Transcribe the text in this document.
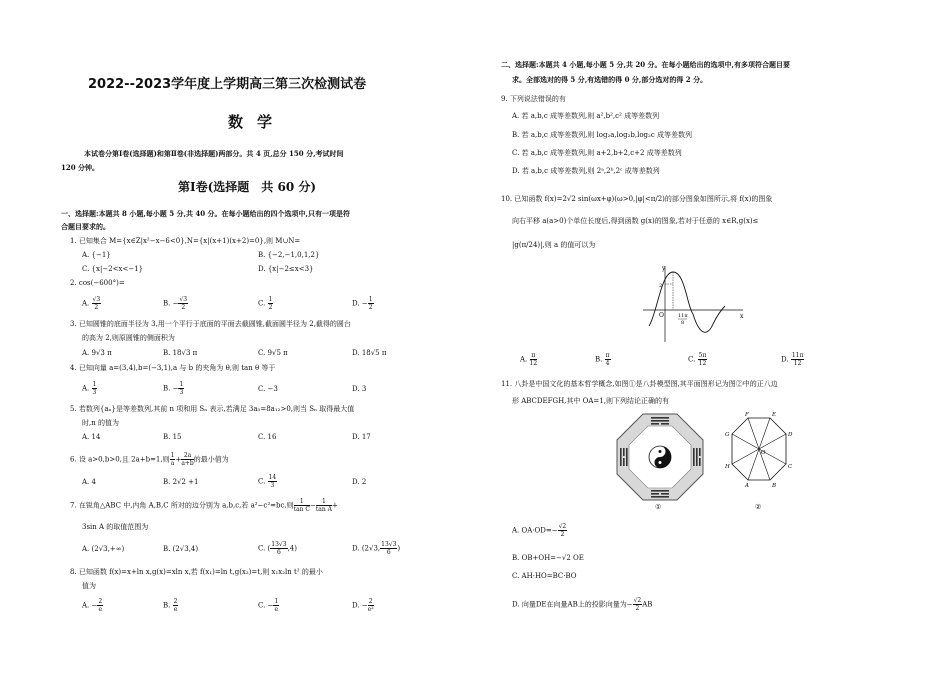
2022--2023学年度上学期高三第三次检测试卷
数学
本试卷分第Ⅰ卷(选择题)和第Ⅱ卷(非选择题)两部分。共 4 页,总分 150 分,考试时间
120 分钟。
第Ⅰ卷(选择题　共 60 分)
一、选择题:本题共 8 小题,每小题 5 分,共 40 分。在每小题给出的四个选项中,只有一项是符
合题目要求的。
1. 已知集合 M={x∈Z|x²−x−6<0},N={x|(x+1)(x+2)=0},则 M∪N=
A. {−1}	B. {−2,−1,0,1,2}
C. {x|−2<x<−1}	D. {x|−2≤x<3}
2. cos(−600°)=
A. $\frac{√3}{2}$	B. − $\frac{√3}{2}$	C. $\frac{1}{2}$	D. − $\frac{1}{2}$
3. 已知圆锥的底面半径为 3,用一个平行于底面的平面去截圆锥,截面圆半径为 2,截得的圆台
的高为 2,则原圆锥的侧面积为
A. 9√3 π	B. 18√3 π	C. 9√5 π	D. 18√5 π
4. 已知向量 a=(3,4),b=(−3,1),a 与 b 的夹角为 θ,则 tan θ 等于
A. $\frac{1}{3}$	B. − $\frac{1}{3}$	C. −3	D. 3
5. 若数列{aₙ}是等差数列,其前 n 项和用 Sₙ 表示,若满足 3a₅=8a₁₂>0,则当 Sₙ 取得最大值
时,n 的值为
A. 14	B. 15	C. 16	D. 17
6. 设 a>0,b>0,且 2a+b=1,则 $\frac{1}{a} + \frac{2a}{a+b}$ 的最小值为
A. 4	B. 2√2 +1	C. $\frac{14}{3}$	D. 2
7. 在锐角△ABC 中,内角 A,B,C 所对的边分别为 a,b,c,若 a²−c²=bc,则 $\frac{1}{\text{tan C}} - \frac{1}{\text{tan A}}$ +
3sin A 的取值范围为
A. (2√3,+∞)	B. (2√3,4)	C. ( $\frac{13√3}{6} ,4$)	D. (2√3, $\frac{13√3}{6}$ )
8. 已知函数 f(x)=x+ln x,g(x)=xln x,若 f(x₁)=ln t,g(x₂)=t,则 x₁x₂ln t² 的最小
值为
A. − $\frac{2}{e}$	B. $\frac{2}{e}$	C. − $\frac{1}{e}$	D. − $\frac{2}{\text{e²}}$
二、选择题:本题共 4 小题,每小题 5 分,共 20 分。在每小题给出的选项中,有多项符合题目要
求。全部选对的得 5 分,有选错的得 0 分,部分选对的得 2 分。
9. 下列说法错误的有
A. 若 a,b,c 成等差数列,则 a²,b²,c² 成等差数列
B. 若 a,b,c 成等差数列,则 log₂a,log₂b,log₂c 成等差数列
C. 若 a,b,c 成等差数列,则 a+2,b+2,c+2 成等差数列
D. 若 a,b,c 成等差数列,则 2ᵃ,2ᵇ,2ᶜ 成等差数列
10. 已知函数 f(x)=2√2 sin(ωx+φ)(ω>0,|φ|<π/2)的部分图象如图所示,将 f(x)的图象
向右平移 a(a>0)个单位长度后,得到函数 g(x)的图象,若对于任意的 x∈R,g(x)≤
|g(π/24)|,则 a 的值可以为
y
x
O
2
11π
8
A. $\frac{\pi}{12}$	B. $\frac{\pi}{4}$	C. $\frac{5\pi}{12}$	D. $\frac{11\pi}{12}$
11. 八卦是中国文化的基本哲学概念,如图①是八卦模型图,其平面图形记为图②中的正八边
形 ABCDEFGH,其中 OA=1,则下列结论正确的有
①
F	E
D
C
B
A
H
G
O
②
A. $OA\cdot OD=- \frac{√2}{2}$
B. OB+OH=−√2 OE
C. AH·HO=BC·BO
D. 向量DE在向量AB上的投影向量为− $\frac{√2}{2}$ AB
